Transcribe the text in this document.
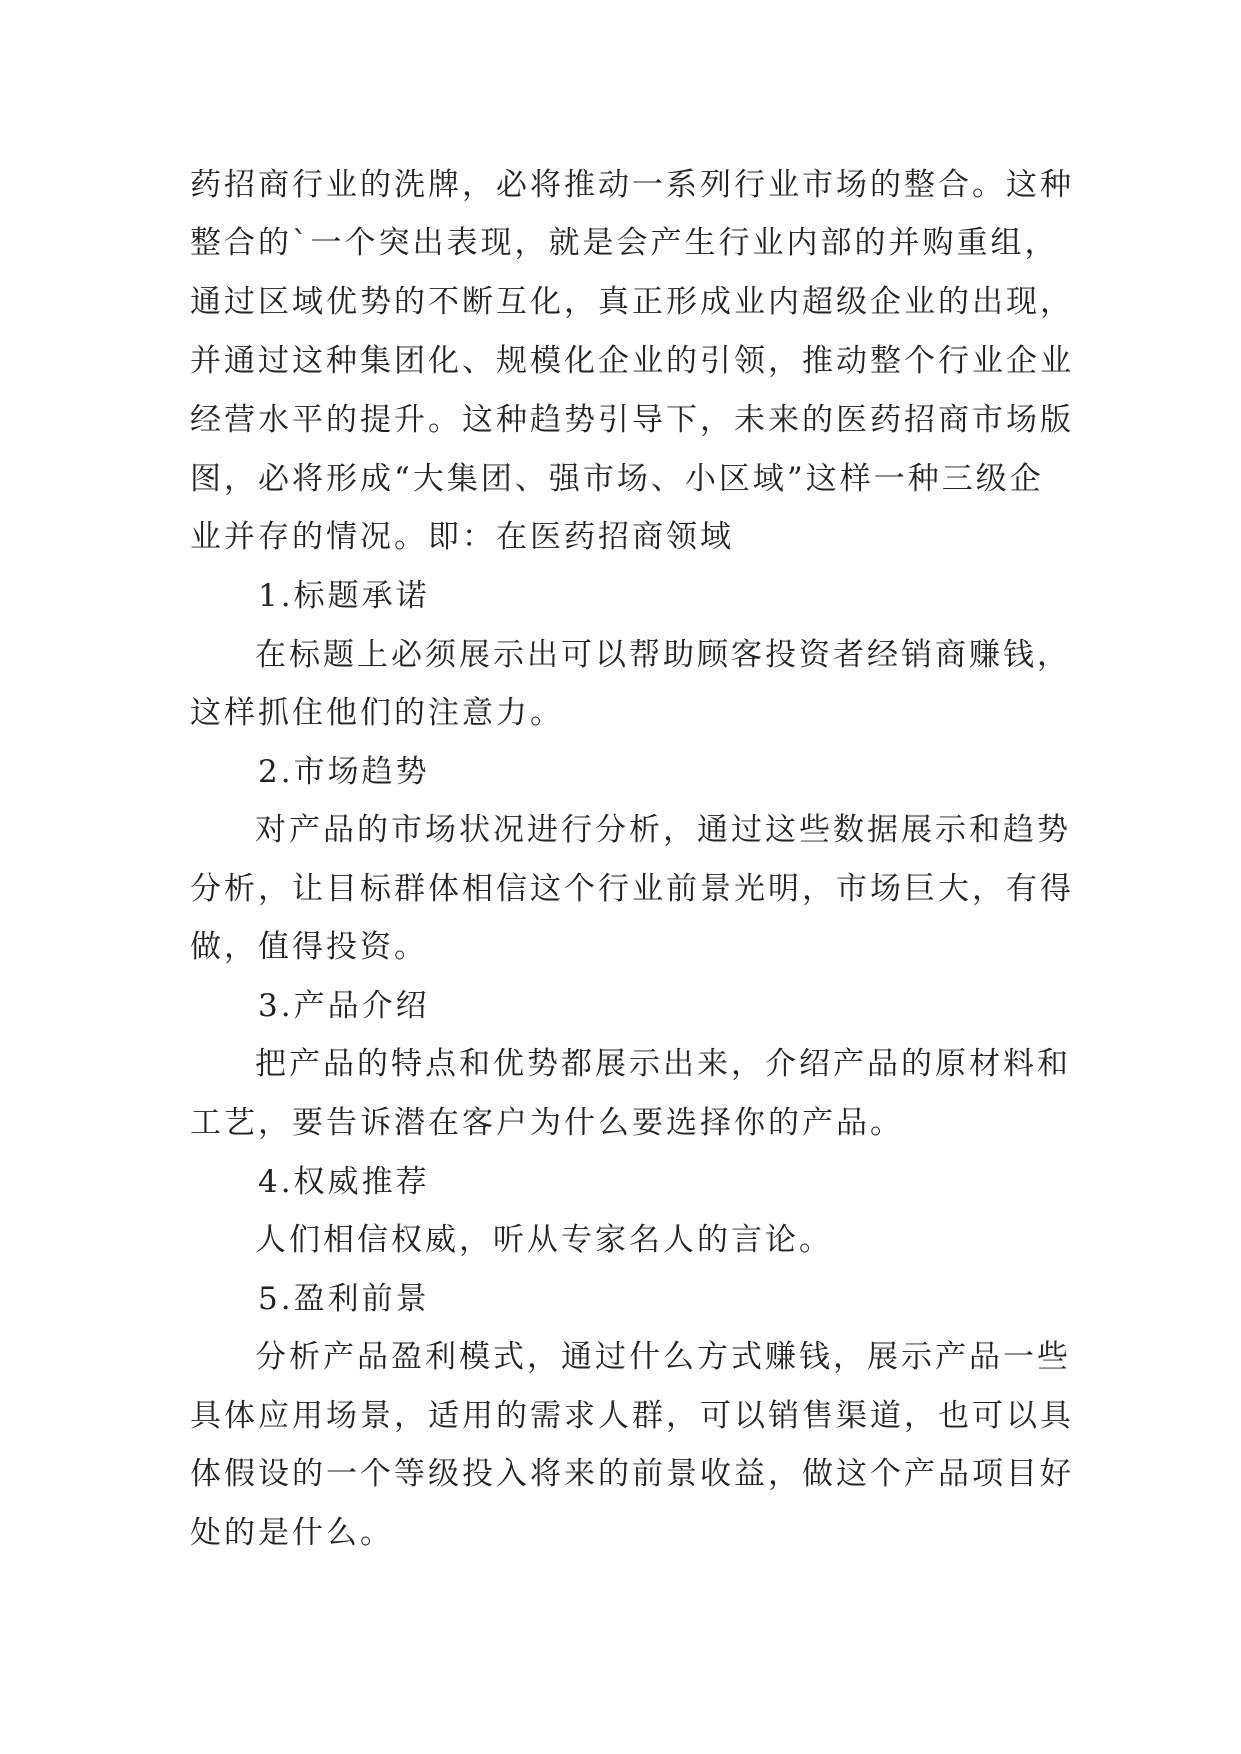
药招商行业的洗牌，必将推动一系列行业市场的整合。这种
整合的`一个突出表现，就是会产生行业内部的并购重组，
通过区域优势的不断互化，真正形成业内超级企业的出现，
并通过这种集团化、规模化企业的引领，推动整个行业企业
经营水平的提升。这种趋势引导下，未来的医药招商市场版
图，必将形成“大集团、强市场、小区域”这样一种三级企
业并存的情况。即：在医药招商领域
1.标题承诺
在标题上必须展示出可以帮助顾客投资者经销商赚钱，
这样抓住他们的注意力。
2.市场趋势
对产品的市场状况进行分析，通过这些数据展示和趋势
分析，让目标群体相信这个行业前景光明，市场巨大，有得
做，值得投资。
3.产品介绍
把产品的特点和优势都展示出来，介绍产品的原材料和
工艺，要告诉潜在客户为什么要选择你的产品。
4.权威推荐
人们相信权威，听从专家名人的言论。
5.盈利前景
分析产品盈利模式，通过什么方式赚钱，展示产品一些
具体应用场景，适用的需求人群，可以销售渠道，也可以具
体假设的一个等级投入将来的前景收益，做这个产品项目好
处的是什么。
